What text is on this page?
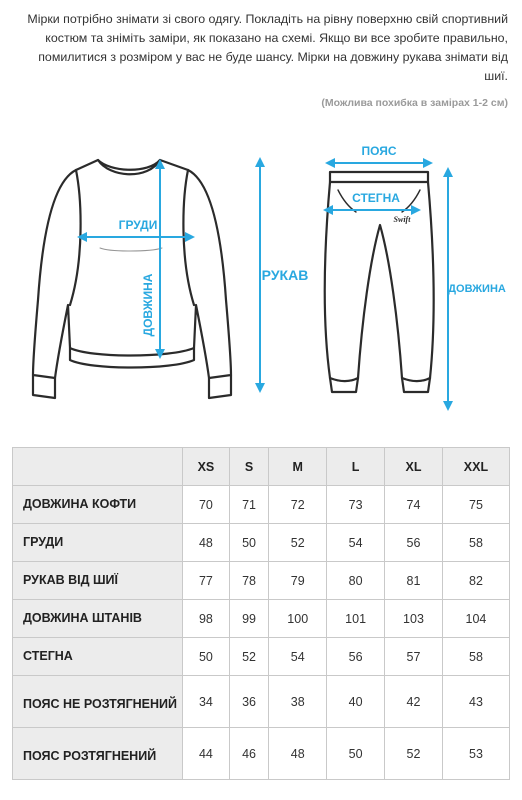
Мірки потрібно знімати зі свого одягу. Покладіть на рівну поверхню свій спортивний костюм та зніміть заміри, як показано на схемі. Якщо ви все зробите правильно, помилитися з розміром у вас не буде шансу. Мірки на довжину рукава знімати від шиї.
(Можлива похибка в замірах 1-2 см)
ГРУДИ
ДОВЖИНА	РУКАВ
Swift
ПОЯС
СТЕГНА
ДОВЖИНА
	XS	S	M	L	XL	XXL
ДОВЖИНА КОФТИ	70	71	72	73	74	75
ГРУДИ	48	50	52	54	56	58
РУКАВ ВІД ШИЇ	77	78	79	80	81	82
ДОВЖИНА ШТАНІВ	98	99	100	101	103	104
СТЕГНА	50	52	54	56	57	58
ПОЯС НЕ РОЗТЯГНЕНИЙ	34	36	38	40	42	43
ПОЯС РОЗТЯГНЕНИЙ	44	46	48	50	52	53
